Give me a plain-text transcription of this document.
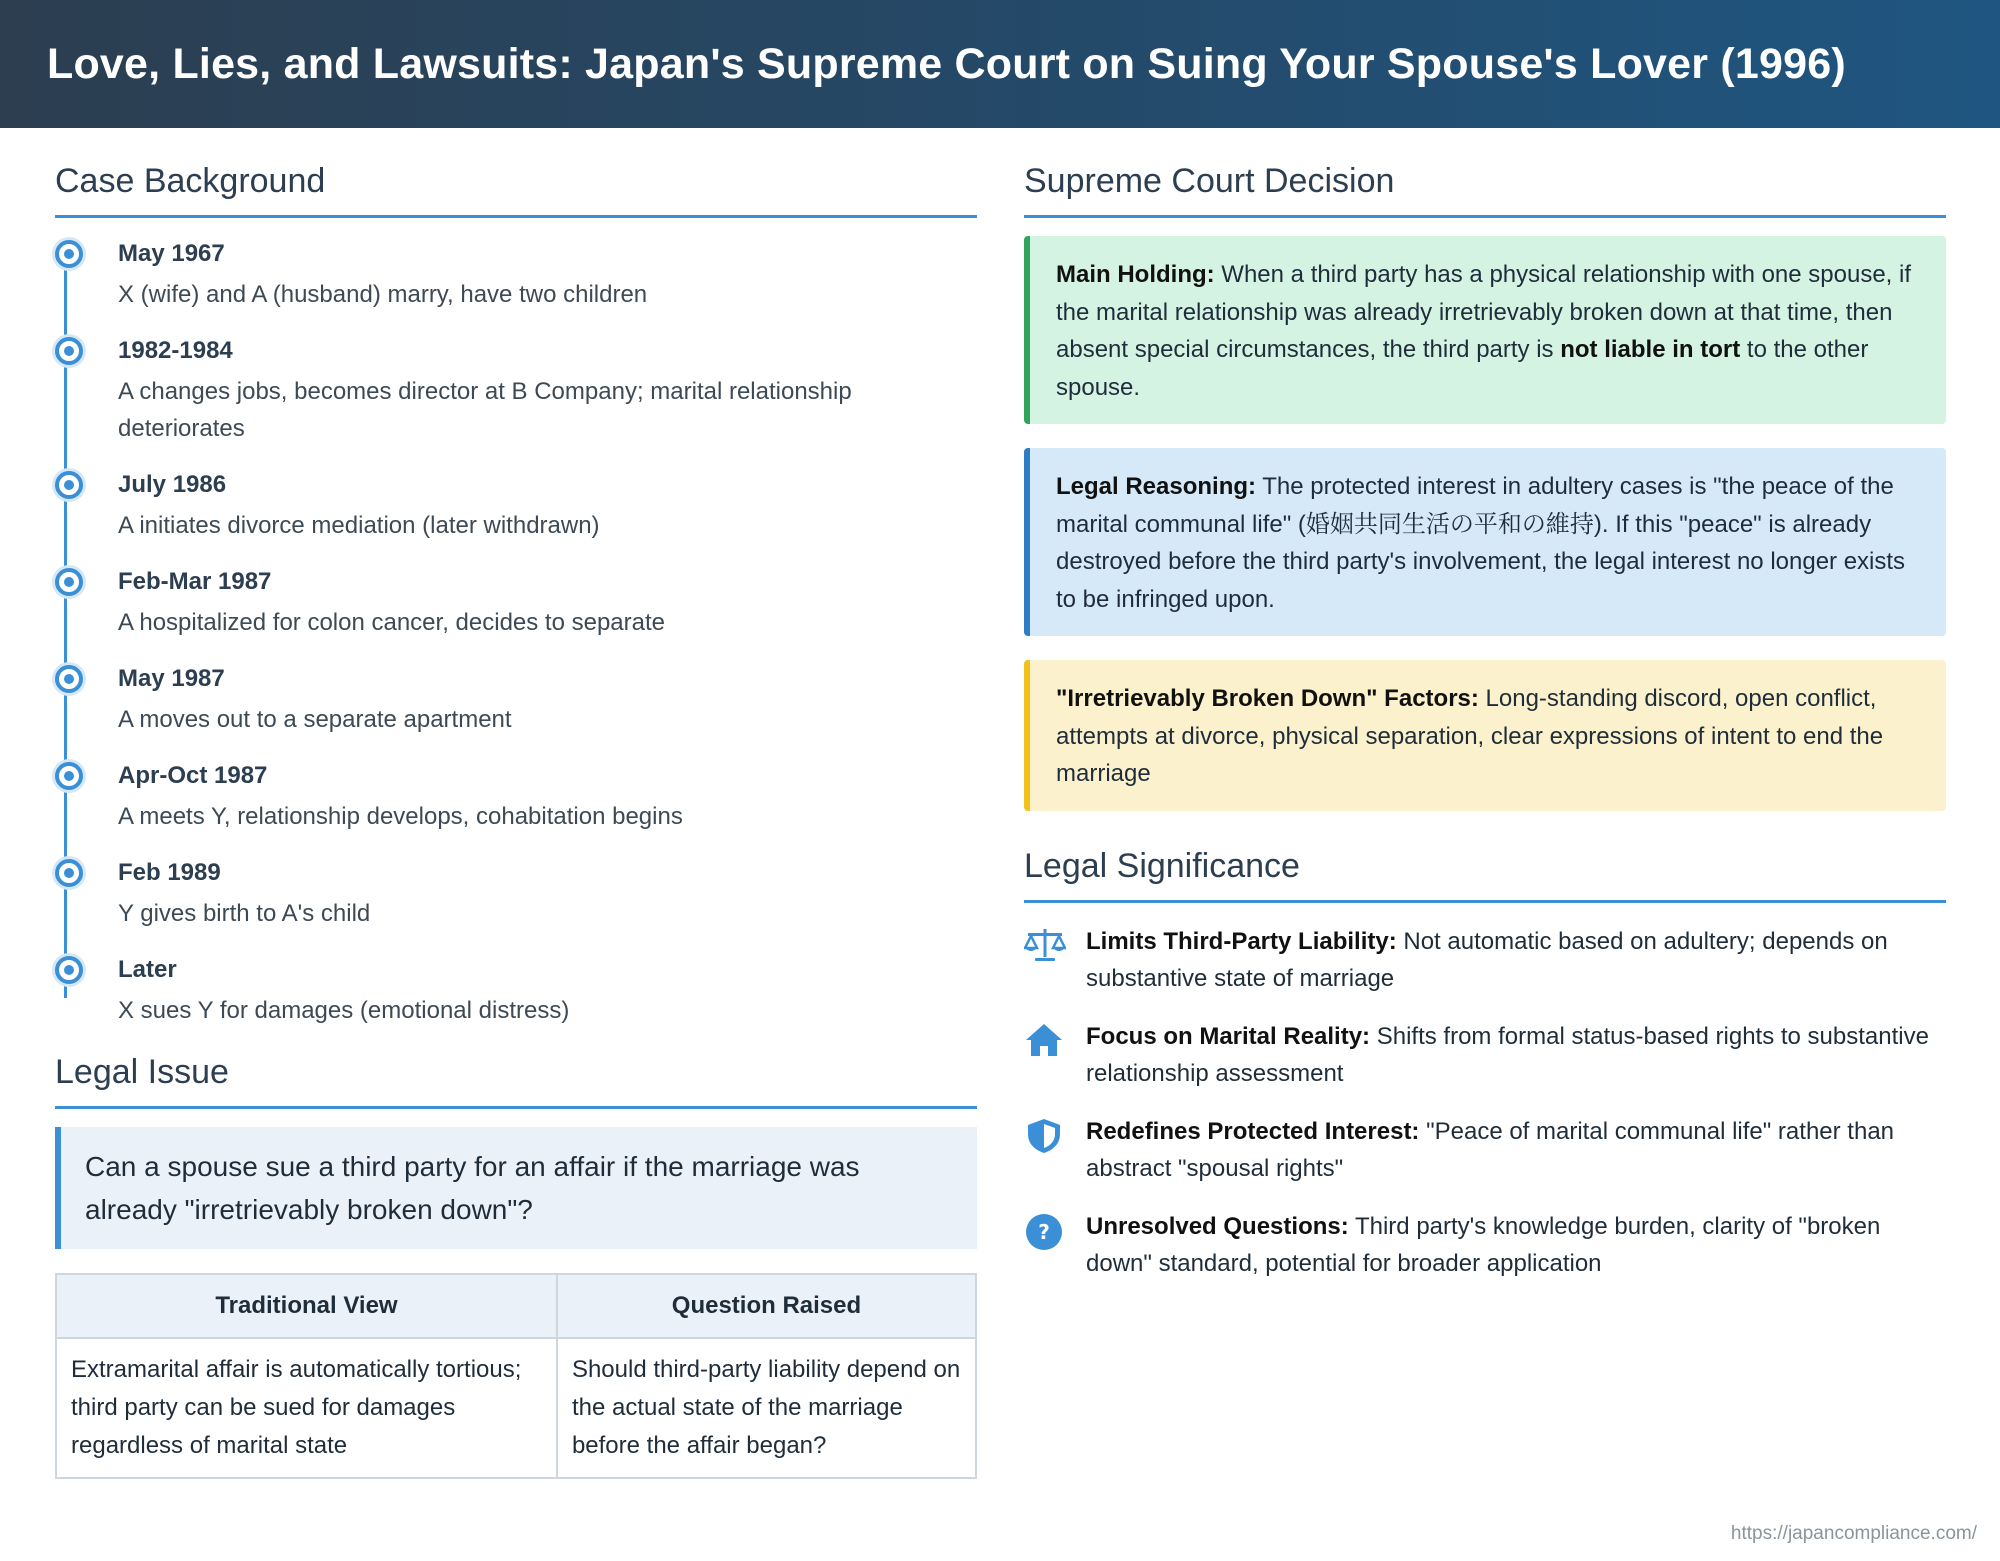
Love, Lies, and Lawsuits: Japan's Supreme Court on Suing Your Spouse's Lover (1996)
Case Background
May 1967
X (wife) and A (husband) marry, have two children
1982-1984
A changes jobs, becomes director at B Company; marital relationship deteriorates
July 1986
A initiates divorce mediation (later withdrawn)
Feb-Mar 1987
A hospitalized for colon cancer, decides to separate
May 1987
A moves out to a separate apartment
Apr-Oct 1987
A meets Y, relationship develops, cohabitation begins
Feb 1989
Y gives birth to A's child
Later
X sues Y for damages (emotional distress)
Legal Issue
Can a spouse sue a third party for an affair if the marriage was already "irretrievably broken down"?
Traditional View	Question Raised
Extramarital affair is automatically tortious; third party can be sued for damages regardless of marital state	Should third-party liability depend on the actual state of the marriage before the affair began?
Supreme Court Decision
Main Holding: When a third party has a physical relationship with one spouse, if the marital relationship was already irretrievably broken down at that time, then absent special circumstances, the third party is not liable in tort to the other spouse.
Legal Reasoning: The protected interest in adultery cases is "the peace of the marital communal life" (婚姻共同生活の平和の維持). If this "peace" is already destroyed before the third party's involvement, the legal interest no longer exists to be infringed upon.
"Irretrievably Broken Down" Factors: Long-standing discord, open conflict, attempts at divorce, physical separation, clear expressions of intent to end the marriage
Legal Significance
Limits Third-Party Liability: Not automatic based on adultery; depends on substantive state of marriage
Focus on Marital Reality: Shifts from formal status-based rights to substantive relationship assessment
Redefines Protected Interest: "Peace of marital communal life" rather than abstract "spousal rights"
? Unresolved Questions: Third party's knowledge burden, clarity of "broken down" standard, potential for broader application
https://japancompliance.com/
